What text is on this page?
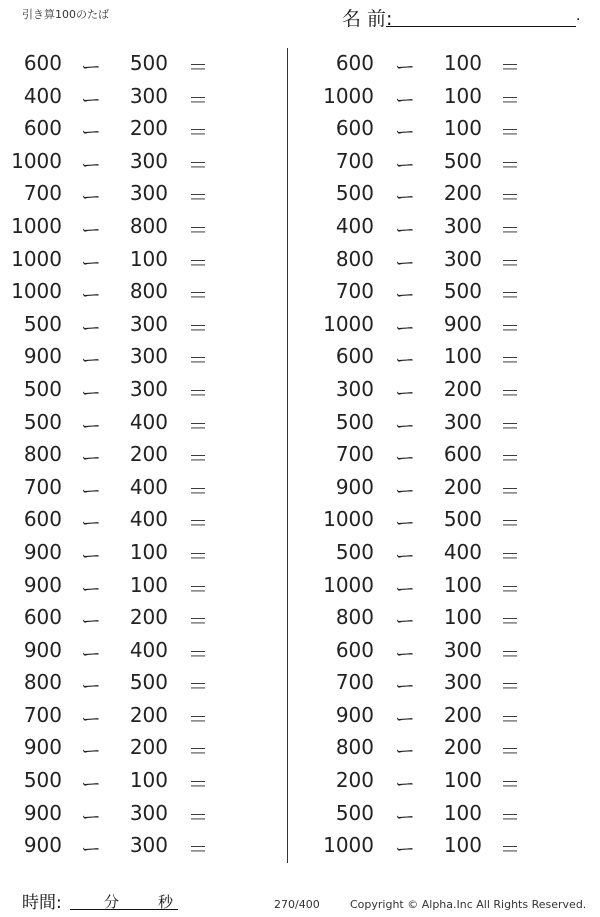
引き算100のたば	名 前:	.
600 ー	500 ＝
400 ー	300 ＝
600 ー	200 ＝
1000 ー	300 ＝
700 ー	300 ＝
1000 ー	800 ＝
1000 ー	100 ＝
1000 ー	800 ＝
500 ー	300 ＝
900 ー	300 ＝
500 ー	300 ＝
500 ー	400 ＝
800 ー	200 ＝
700 ー	400 ＝
600 ー	400 ＝
900 ー	100 ＝
900 ー	100 ＝
600 ー	200 ＝
900 ー	400 ＝
800 ー	500 ＝
700 ー	200 ＝
900 ー	200 ＝
500 ー	100 ＝
900 ー	300 ＝
900 ー	300 ＝
600 ー	100 ＝
1000 ー	100 ＝
600 ー	100 ＝
700 ー	500 ＝
500 ー	200 ＝
400 ー	300 ＝
800 ー	300 ＝
700 ー	500 ＝
1000 ー	900 ＝
600 ー	100 ＝
300 ー	200 ＝
500 ー	300 ＝
700 ー	600 ＝
900 ー	200 ＝
1000 ー	500 ＝
500 ー	400 ＝
1000 ー	100 ＝
800 ー	100 ＝
600 ー	300 ＝
700 ー	300 ＝
900 ー	200 ＝
800 ー	200 ＝
200 ー	100 ＝
500 ー	100 ＝
1000 ー	100 ＝
時間:	分	秒	270/400	Copyright © Alpha.Inc All Rights Reserved.
